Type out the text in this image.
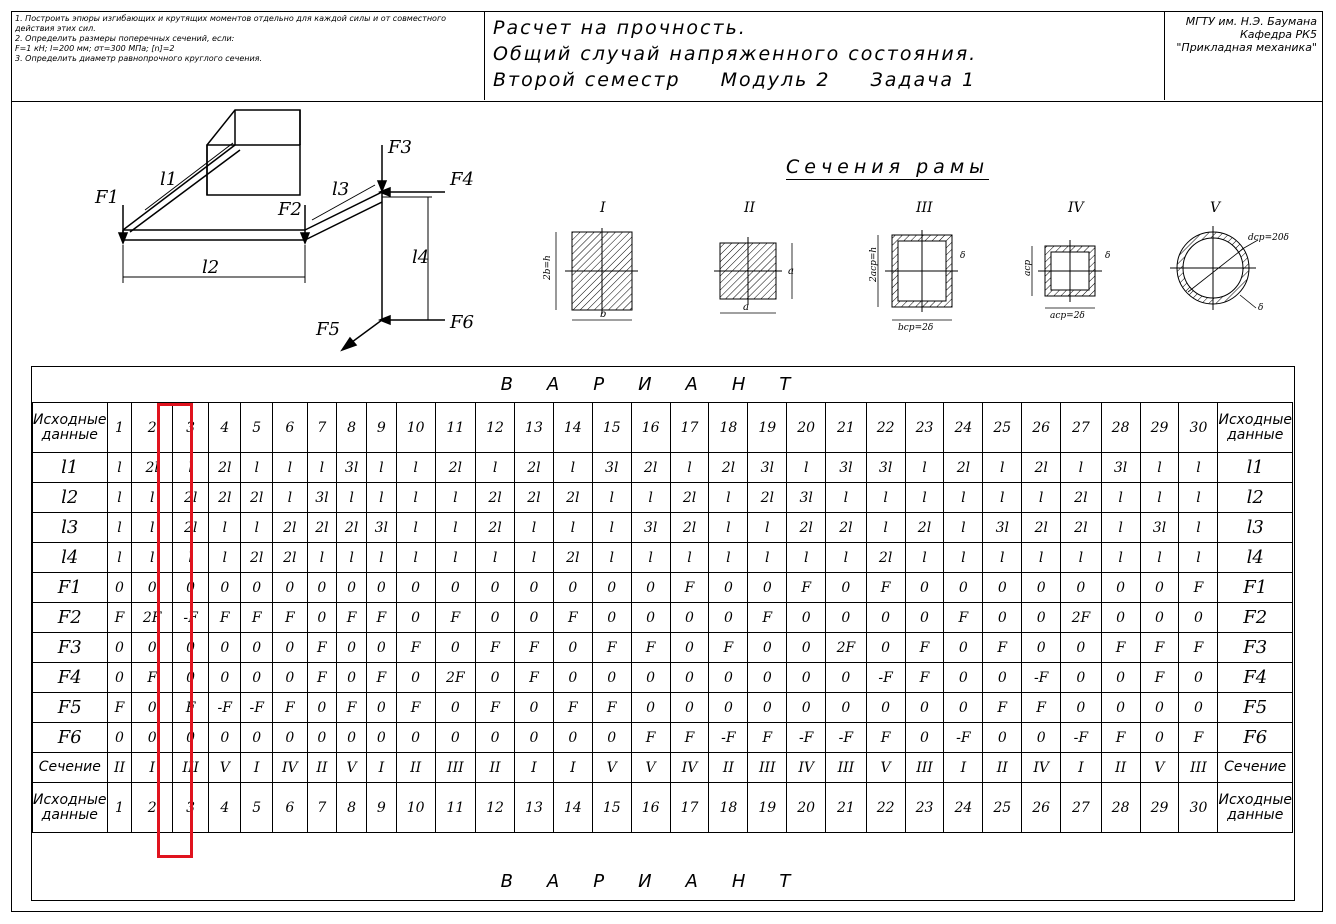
1. Построить эпюры изгибающих и крутящих моментов отдельно для каждой силы и от совместного действия этих сил.
2. Определить размеры поперечных сечений, если:
F=1 кН; l=200 мм; σт=300 МПа; [n]=2
3. Определить диаметр равнопрочного круглого сечения.
Расчет на прочность.
Общий случай напряженного состояния.
Второй семестр Модуль 2 Задача 1
МГТУ им. Н.Э. Баумана
Кафедра РК5
"Прикладная механика"
F1
F2
F3
F4
F5	F6
l1
l2
l3
l4
Сечения рамы
I
2b=h
b
II
a
a
III
2aср=h
bср=2δ
δ
IV
aср
aср=2δ
δ
V
dср=20δ
δ
ВАРИАНТ
Исходные данные	1	2	3	4	5	6	7	8	9	10	11	12	13	14	15	16	17	18	19	20	21	22	23	24	25	26	27	28	29	30	Исходные данные
l1	l	2l	l	2l	l	l	l	3l	l	l	2l	l	2l	l	3l	2l	l	2l	3l	l	3l	3l	l	2l	l	2l	l	3l	l	l	l1
l2	l	l	2l	2l	2l	l	3l	l	l	l	l	2l	2l	2l	l	l	2l	l	2l	3l	l	l	l	l	l	l	2l	l	l	l	l2
l3	l	l	2l	l	l	2l	2l	2l	3l	l	l	2l	l	l	l	3l	2l	l	l	2l	2l	l	2l	l	3l	2l	2l	l	3l	l	l3
l4	l	l	l	l	2l	2l	l	l	l	l	l	l	l	2l	l	l	l	l	l	l	l	2l	l	l	l	l	l	l	l	l	l4
F1	0	0	0	0	0	0	0	0	0	0	0	0	0	0	0	0	F	0	0	F	0	F	0	0	0	0	0	0	0	F	F1
F2	F	2F	-F	F	F	F	0	F	F	0	F	0	0	F	0	0	0	0	F	0	0	0	0	F	0	0	2F	0	0	0	F2
F3	0	0	0	0	0	0	F	0	0	F	0	F	F	0	F	F	0	F	0	0	2F	0	F	0	F	0	0	F	F	F	F3
F4	0	F	0	0	0	0	F	0	F	0	2F	0	F	0	0	0	0	0	0	0	0	-F	F	0	0	-F	0	0	F	0	F4
F5	F	0	F	-F	-F	F	0	F	0	F	0	F	0	F	F	0	0	0	0	0	0	0	0	0	F	F	0	0	0	0	F5
F6	0	0	0	0	0	0	0	0	0	0	0	0	0	0	0	F	F	-F	F	-F	-F	F	0	-F	0	0	-F	F	0	F	F6
Сечение	II	I	III	V	I	IV	II	V	I	II	III	II	I	I	V	V	IV	II	III	IV	III	V	III	I	II	IV	I	II	V	III	Сечение
Исходные данные	1	2	3	4	5	6	7	8	9	10	11	12	13	14	15	16	17	18	19	20	21	22	23	24	25	26	27	28	29	30	Исходные данные
ВАРИАНТ
